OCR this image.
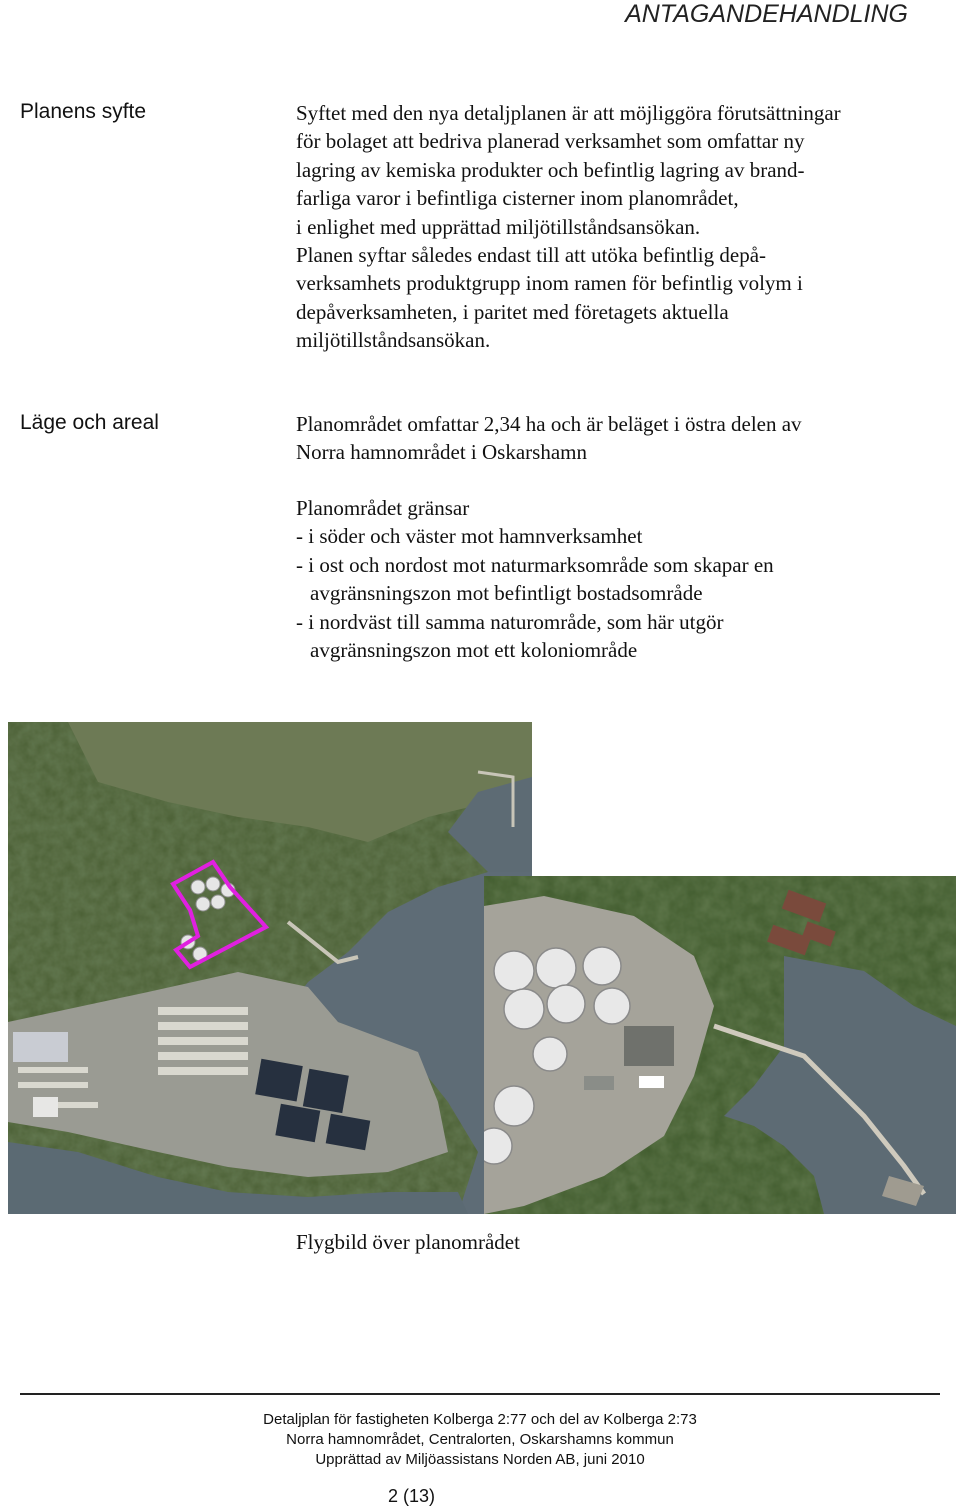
ANTAGANDEHANDLING
Planens syfte	Syftet med den nya detaljplanen är att möjliggöra förutsättningar
för bolaget att bedriva planerad verksamhet som omfattar ny
lagring av kemiska produkter och befintlig lagring av brand-
farliga varor i befintliga cisterner inom planområdet,
i enlighet med upprättad miljötillståndsansökan.
Planen syftar således endast till att utöka befintlig depå-
verksamhets produktgrupp inom ramen för befintlig volym i
depåverksamheten, i paritet med företagets aktuella
miljötillståndsansökan.
Läge och areal	Planområdet omfattar 2,34 ha och är beläget i östra delen av
Norra hamnområdet i Oskarshamn
Planområdet gränsar
- i söder och väster mot hamnverksamhet
- i ost och nordost mot naturmarksområde som skapar en
avgränsningszon mot befintligt bostadsområde
- i nordväst till samma naturområde, som här utgör
avgränsningszon mot ett koloniområde
Flygbild över planområdet
Detaljplan för fastigheten Kolberga 2:77 och del av Kolberga 2:73
Norra hamnområdet, Centralorten, Oskarshamns kommun
Upprättad av Miljöassistans Norden AB, juni 2010
2 (13)
